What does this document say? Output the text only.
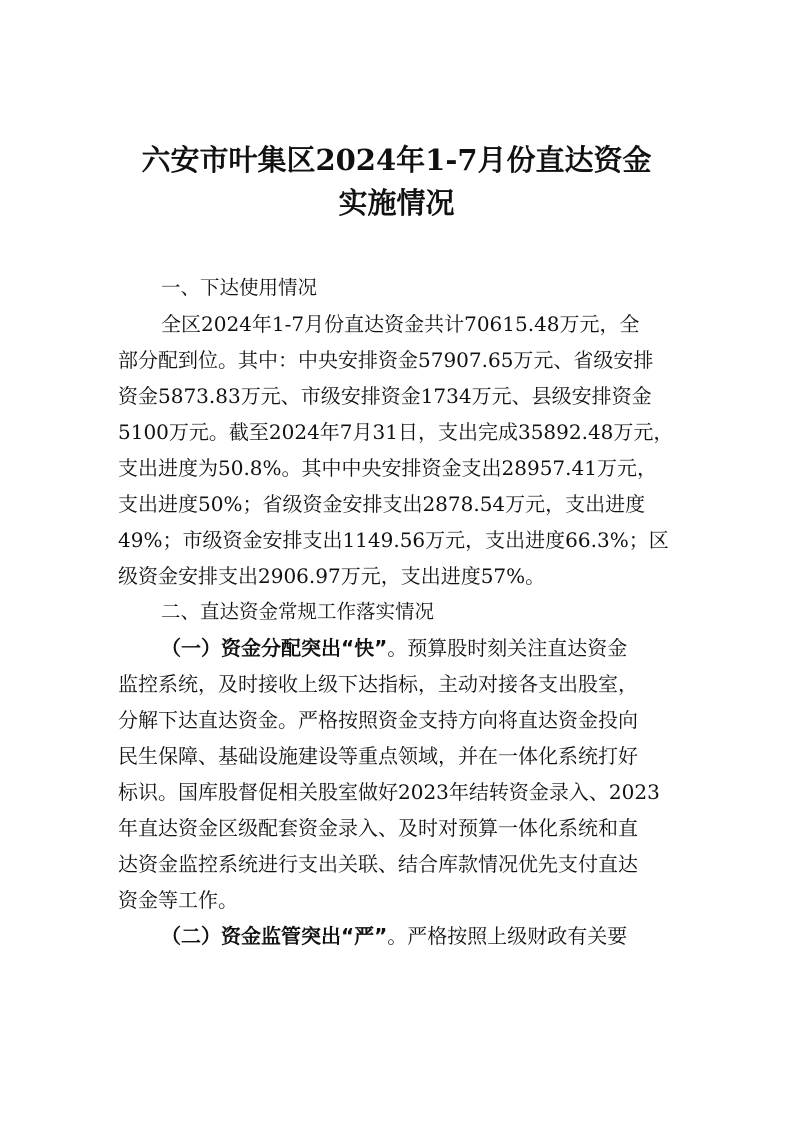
六安市叶集区2024年1-7月份直达资金
实施情况
一、下达使用情况
全区2024年1-7月份直达资金共计70615.48万元，全
部分配到位。其中：中央安排资金57907.65万元、省级安排
资金5873.83万元、市级安排资金1734万元、县级安排资金
5100万元。截至2024年7月31日，支出完成35892.48万元，
支出进度为50.8%。其中中央安排资金支出28957.41万元，
支出进度50%；省级资金安排支出2878.54万元，支出进度
49%；市级资金安排支出1149.56万元，支出进度66.3%；区
级资金安排支出2906.97万元，支出进度57%。
二、直达资金常规工作落实情况
（一）资金分配突出“快”。预算股时刻关注直达资金
监控系统，及时接收上级下达指标，主动对接各支出股室，
分解下达直达资金。严格按照资金支持方向将直达资金投向
民生保障、基础设施建设等重点领域，并在一体化系统打好
标识。国库股督促相关股室做好2023年结转资金录入、2023
年直达资金区级配套资金录入、及时对预算一体化系统和直
达资金监控系统进行支出关联、结合库款情况优先支付直达
资金等工作。
（二）资金监管突出“严”。严格按照上级财政有关要
